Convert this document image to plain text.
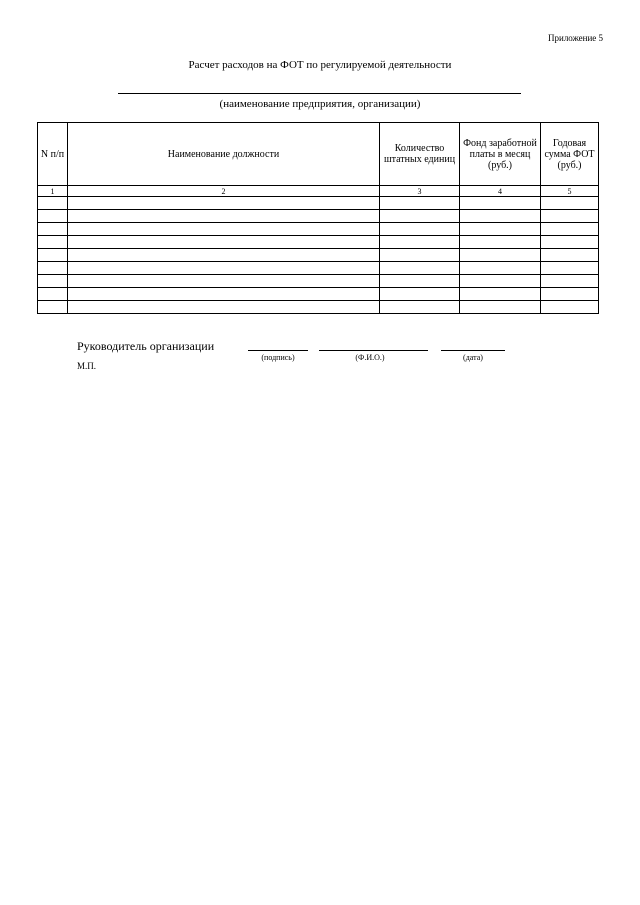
Приложение 5
Расчет расходов на ФОТ по регулируемой деятельности
(наименование предприятия, организации)
N п/п	Наименование должности	Количество штатных единиц	Фонд заработной платы в месяц (руб.)	Годовая сумма ФОТ (руб.)
1	2	3	4	5

Руководитель организации
(подпись)	(Ф.И.О.)	(дата)
М.П.
